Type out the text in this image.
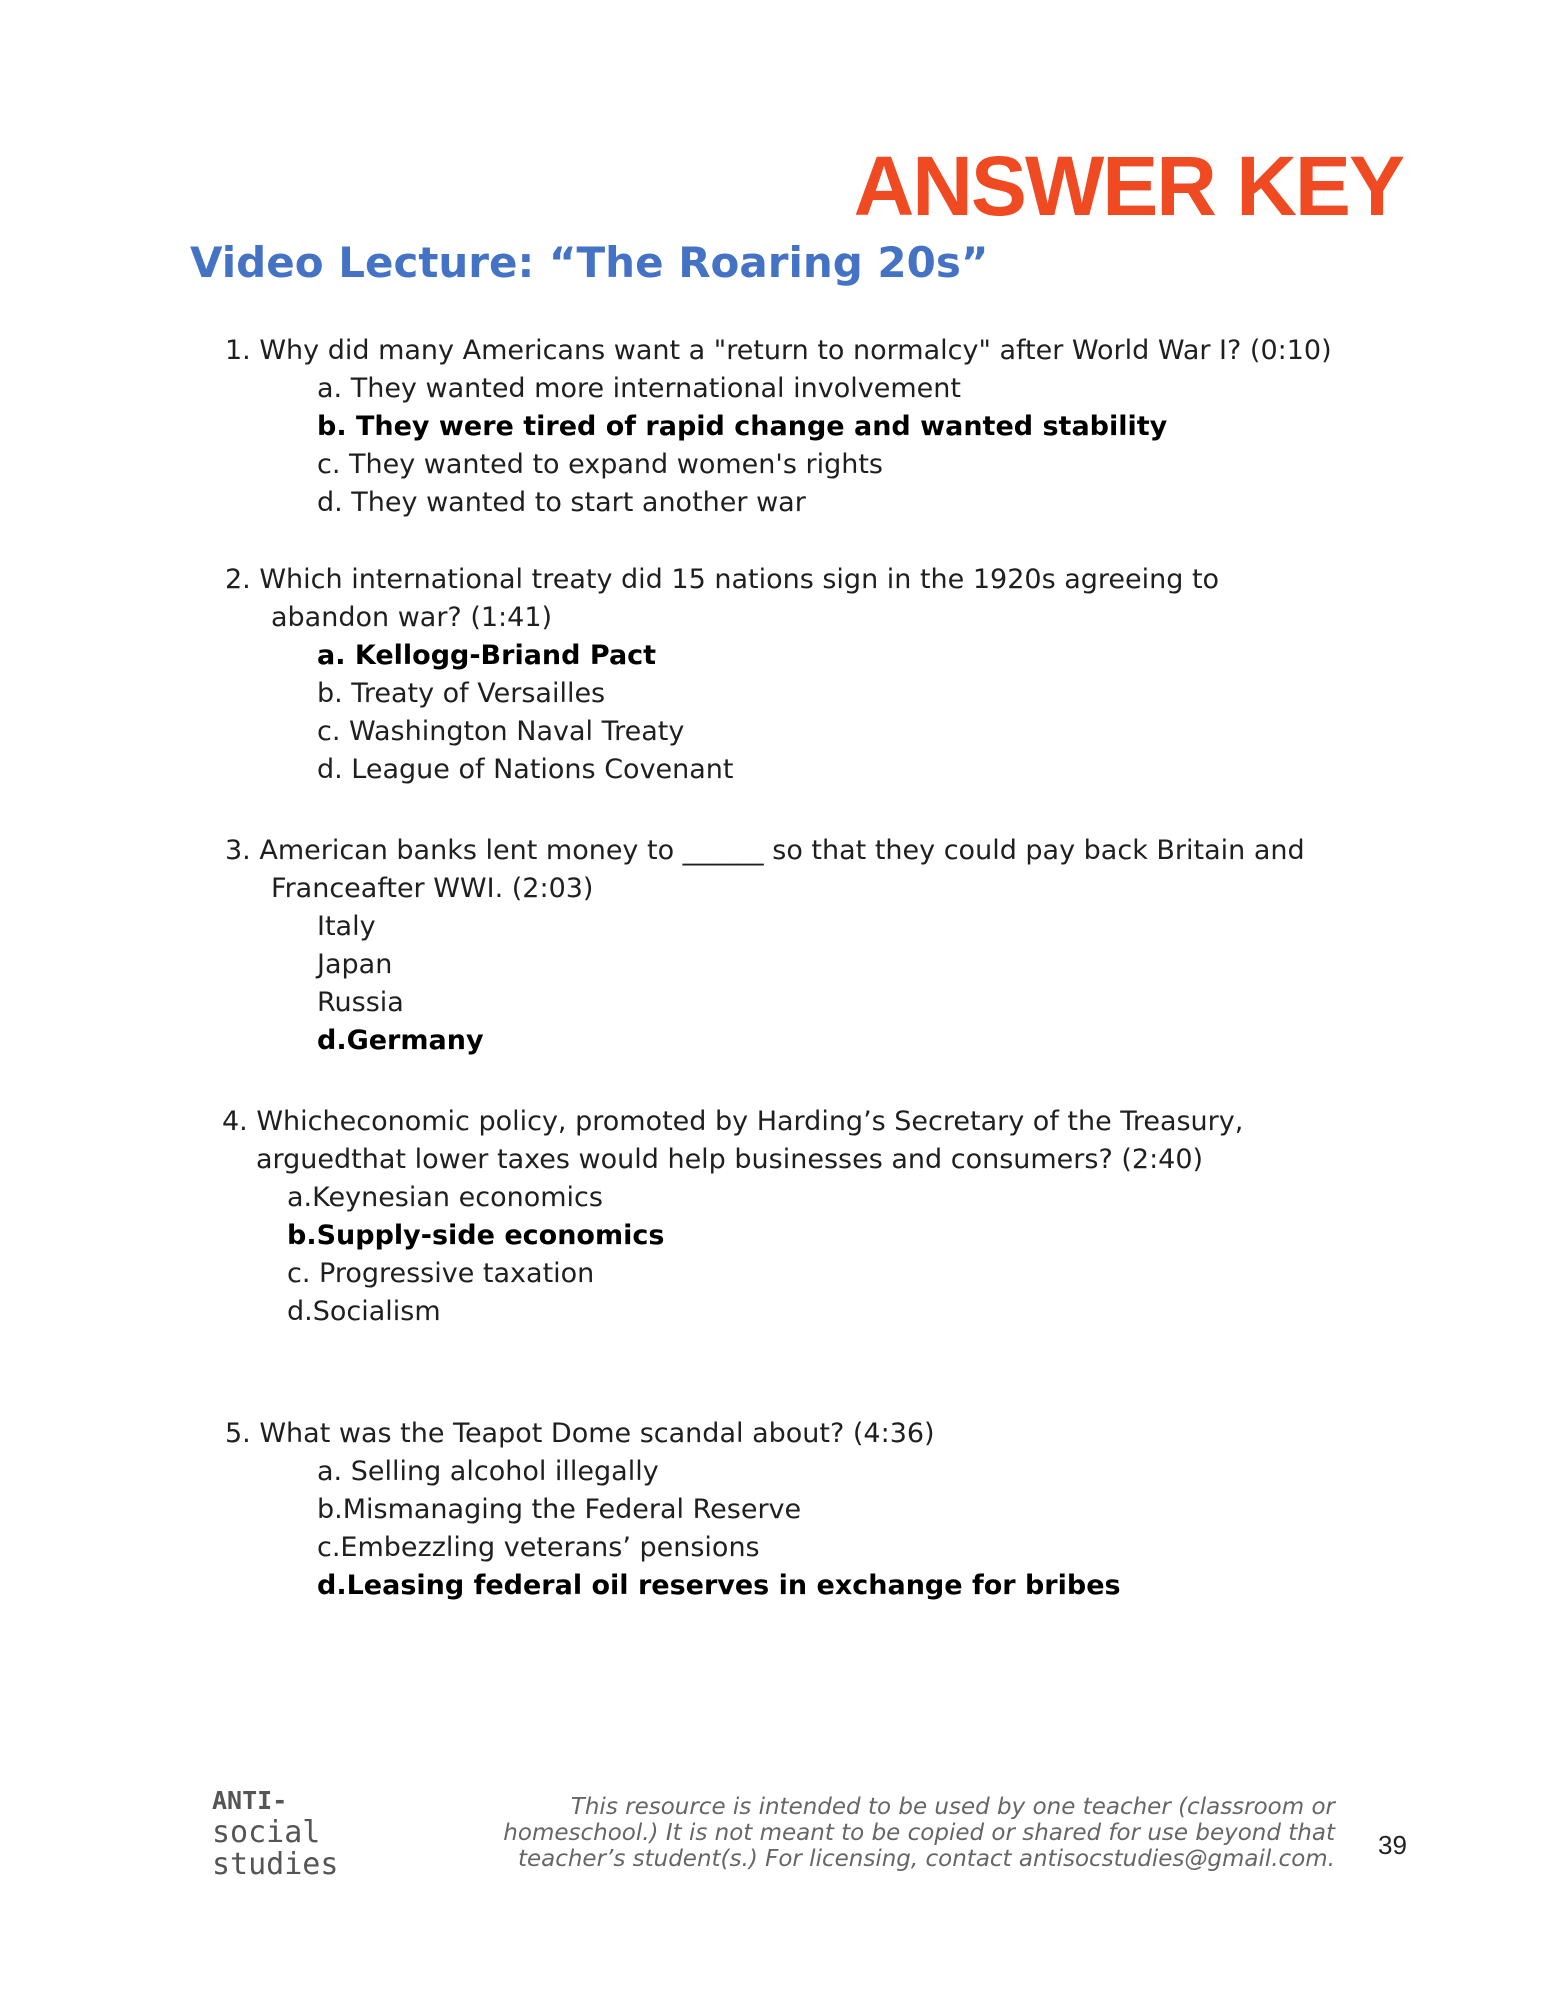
ANSWER KEY
Video Lecture: “The Roaring 20s”
1. Why did many Americans want a "return to normalcy" after World War I? (0:10)
a. They wanted more international involvement
b. They were tired of rapid change and wanted stability
c. They wanted to expand women's rights
d. They wanted to start another war
2. Which international treaty did 15 nations sign in the 1920s agreeing to
abandon war? (1:41)
a. Kellogg-Briand Pact
b. Treaty of Versailles
c. Washington Naval Treaty
d. League of Nations Covenant
3. American banks lent money to ______ so that they could pay back Britain and
Franceafter WWI. (2:03)
Italy
Japan
Russia
d.Germany
4. Whicheconomic policy, promoted by Harding’s Secretary of the Treasury,
arguedthat lower taxes would help businesses and consumers? (2:40)
a.Keynesian economics
b.Supply-side economics
c. Progressive taxation
d.Socialism
5. What was the Teapot Dome scandal about? (4:36)
a. Selling alcohol illegally
b.Mismanaging the Federal Reserve
c.Embezzling veterans’ pensions
d.Leasing federal oil reserves in exchange for bribes
ANTI-
social
studies
This resource is intended to be used by one teacher (classroom or
homeschool.) It is not meant to be copied or shared for use beyond that
teacher’s student(s.) For licensing, contact antisocstudies@gmail.com. 39
